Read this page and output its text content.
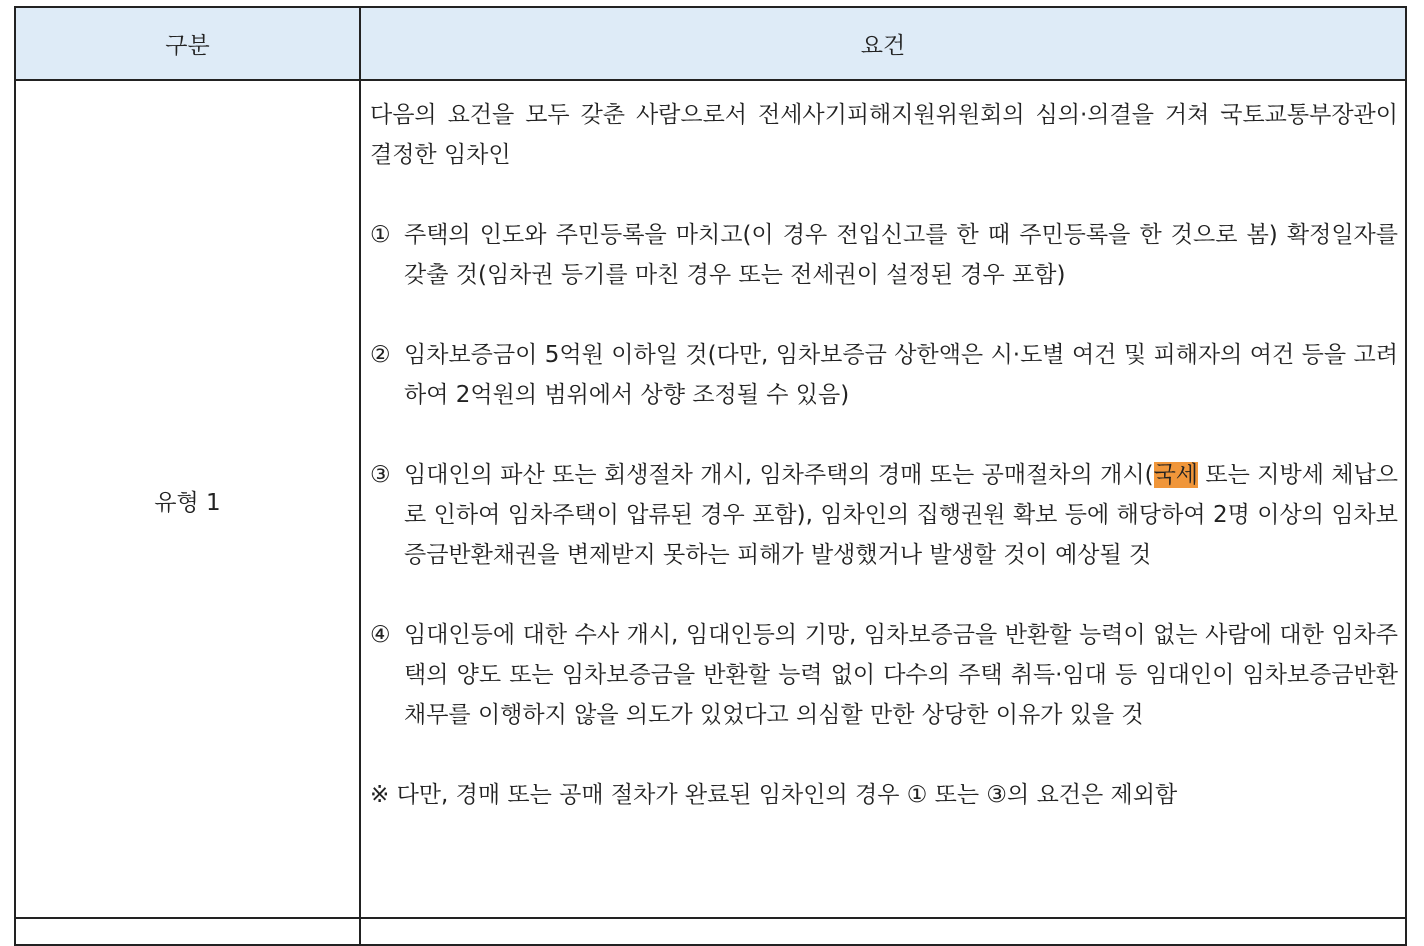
구분	요건
유형 1

다음의 요건을 모두 갖춘 사람으로서 전세사기피해지원위원회의 심의·의결을 거쳐 국토교통부장관이 결정한 임차인

① 주택의 인도와 주민등록을 마치고(이 경우 전입신고를 한 때 주민등록을 한 것으로 봄) 확정일자를 갖출 것(임차권 등기를 마친 경우 또는 전세권이 설정된 경우 포함)
② 임차보증금이 5억원 이하일 것(다만, 임차보증금 상한액은 시·도별 여건 및 피해자의 여건 등을 고려하여 2억원의 범위에서 상향 조정될 수 있음)
③ 임대인의 파산 또는 회생절차 개시, 임차주택의 경매 또는 공매절차의 개시(국세 또는 지방세 체납으로 인하여 임차주택이 압류된 경우 포함), 임차인의 집행권원 확보 등에 해당하여 2명 이상의 임차보증금반환채권을 변제받지 못하는 피해가 발생했거나 발생할 것이 예상될 것
④ 임대인등에 대한 수사 개시, 임대인등의 기망, 임차보증금을 반환할 능력이 없는 사람에 대한 임차주택의 양도 또는 임차보증금을 반환할 능력 없이 다수의 주택 취득·임대 등 임대인이 임차보증금반환채무를 이행하지 않을 의도가 있었다고 의심할 만한 상당한 이유가 있을 것

※ 다만, 경매 또는 공매 절차가 완료된 임차인의 경우 ① 또는 ③의 요건은 제외함
